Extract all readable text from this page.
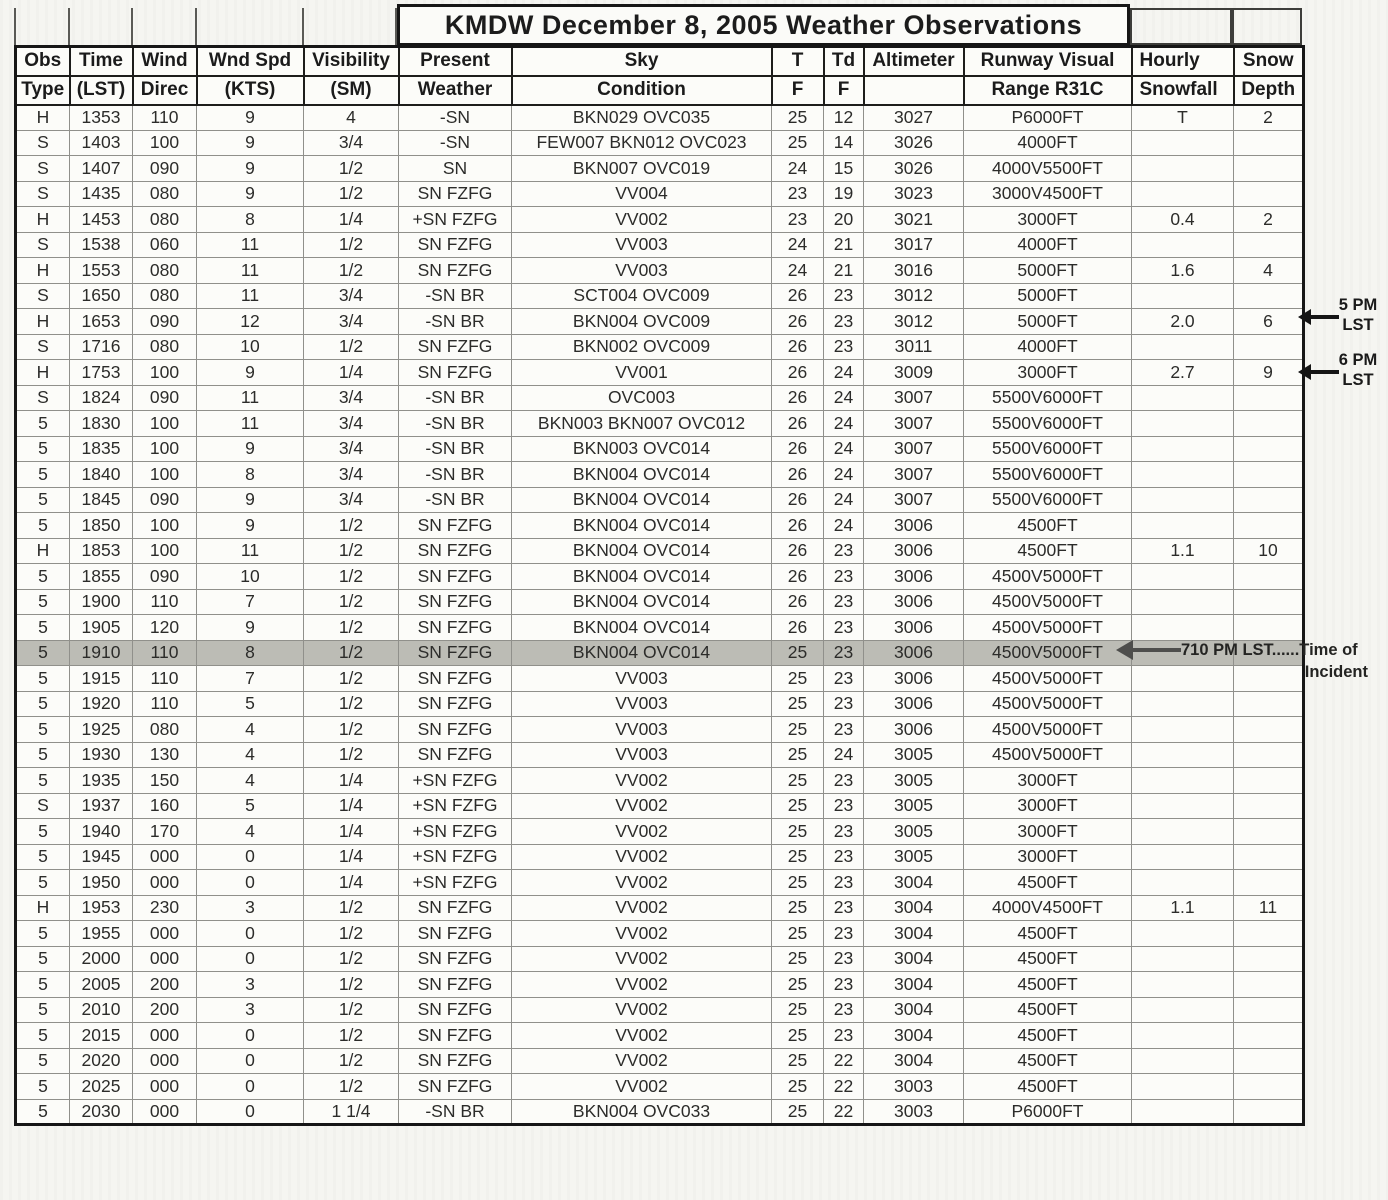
KMDW December 8, 2005 Weather Observations
Obs	Time	Wind	Wnd Spd	Visibility	Present	Sky	T	Td	Altimeter	Runway Visual	Hourly	Snow
Type	(LST)	Direc	(KTS)	(SM)	Weather	Condition	F	F		Range R31C	Snowfall	Depth
H	1353	110	9	4	-SN	BKN029 OVC035	25	12	3027	P6000FT	T	2
S	1403	100	9	3/4	-SN	FEW007 BKN012 OVC023	25	14	3026	4000FT		
S	1407	090	9	1/2	SN	BKN007 OVC019	24	15	3026	4000V5500FT		
S	1435	080	9	1/2	SN FZFG	VV004	23	19	3023	3000V4500FT		
H	1453	080	8	1/4	+SN FZFG	VV002	23	20	3021	3000FT	0.4	2
S	1538	060	11	1/2	SN FZFG	VV003	24	21	3017	4000FT		
H	1553	080	11	1/2	SN FZFG	VV003	24	21	3016	5000FT	1.6	4
S	1650	080	11	3/4	-SN BR	SCT004 OVC009	26	23	3012	5000FT		
H	1653	090	12	3/4	-SN BR	BKN004 OVC009	26	23	3012	5000FT	2.0	6
S	1716	080	10	1/2	SN FZFG	BKN002 OVC009	26	23	3011	4000FT		
H	1753	100	9	1/4	SN FZFG	VV001	26	24	3009	3000FT	2.7	9
S	1824	090	11	3/4	-SN BR	OVC003	26	24	3007	5500V6000FT		
5	1830	100	11	3/4	-SN BR	BKN003 BKN007 OVC012	26	24	3007	5500V6000FT		
5	1835	100	9	3/4	-SN BR	BKN003 OVC014	26	24	3007	5500V6000FT		
5	1840	100	8	3/4	-SN BR	BKN004 OVC014	26	24	3007	5500V6000FT		
5	1845	090	9	3/4	-SN BR	BKN004 OVC014	26	24	3007	5500V6000FT		
5	1850	100	9	1/2	SN FZFG	BKN004 OVC014	26	24	3006	4500FT		
H	1853	100	11	1/2	SN FZFG	BKN004 OVC014	26	23	3006	4500FT	1.1	10
5	1855	090	10	1/2	SN FZFG	BKN004 OVC014	26	23	3006	4500V5000FT		
5	1900	110	7	1/2	SN FZFG	BKN004 OVC014	26	23	3006	4500V5000FT		
5	1905	120	9	1/2	SN FZFG	BKN004 OVC014	26	23	3006	4500V5000FT		
5	1910	110	8	1/2	SN FZFG	BKN004 OVC014	25	23	3006	4500V5000FT		
5	1915	110	7	1/2	SN FZFG	VV003	25	23	3006	4500V5000FT		
5	1920	110	5	1/2	SN FZFG	VV003	25	23	3006	4500V5000FT		
5	1925	080	4	1/2	SN FZFG	VV003	25	23	3006	4500V5000FT		
5	1930	130	4	1/2	SN FZFG	VV003	25	24	3005	4500V5000FT		
5	1935	150	4	1/4	+SN FZFG	VV002	25	23	3005	3000FT		
S	1937	160	5	1/4	+SN FZFG	VV002	25	23	3005	3000FT		
5	1940	170	4	1/4	+SN FZFG	VV002	25	23	3005	3000FT		
5	1945	000	0	1/4	+SN FZFG	VV002	25	23	3005	3000FT		
5	1950	000	0	1/4	+SN FZFG	VV002	25	23	3004	4500FT		
H	1953	230	3	1/2	SN FZFG	VV002	25	23	3004	4000V4500FT	1.1	11
5	1955	000	0	1/2	SN FZFG	VV002	25	23	3004	4500FT		
5	2000	000	0	1/2	SN FZFG	VV002	25	23	3004	4500FT		
5	2005	200	3	1/2	SN FZFG	VV002	25	23	3004	4500FT		
5	2010	200	3	1/2	SN FZFG	VV002	25	23	3004	4500FT		
5	2015	000	0	1/2	SN FZFG	VV002	25	23	3004	4500FT		
5	2020	000	0	1/2	SN FZFG	VV002	25	22	3004	4500FT		
5	2025	000	0	1/2	SN FZFG	VV002	25	22	3003	4500FT		
5	2030	000	0	1 1/4	-SN BR	BKN004 OVC033	25	22	3003	P6000FT		
5 PM
LST
6 PM
LST
710 PM LST......Time of
Incident
